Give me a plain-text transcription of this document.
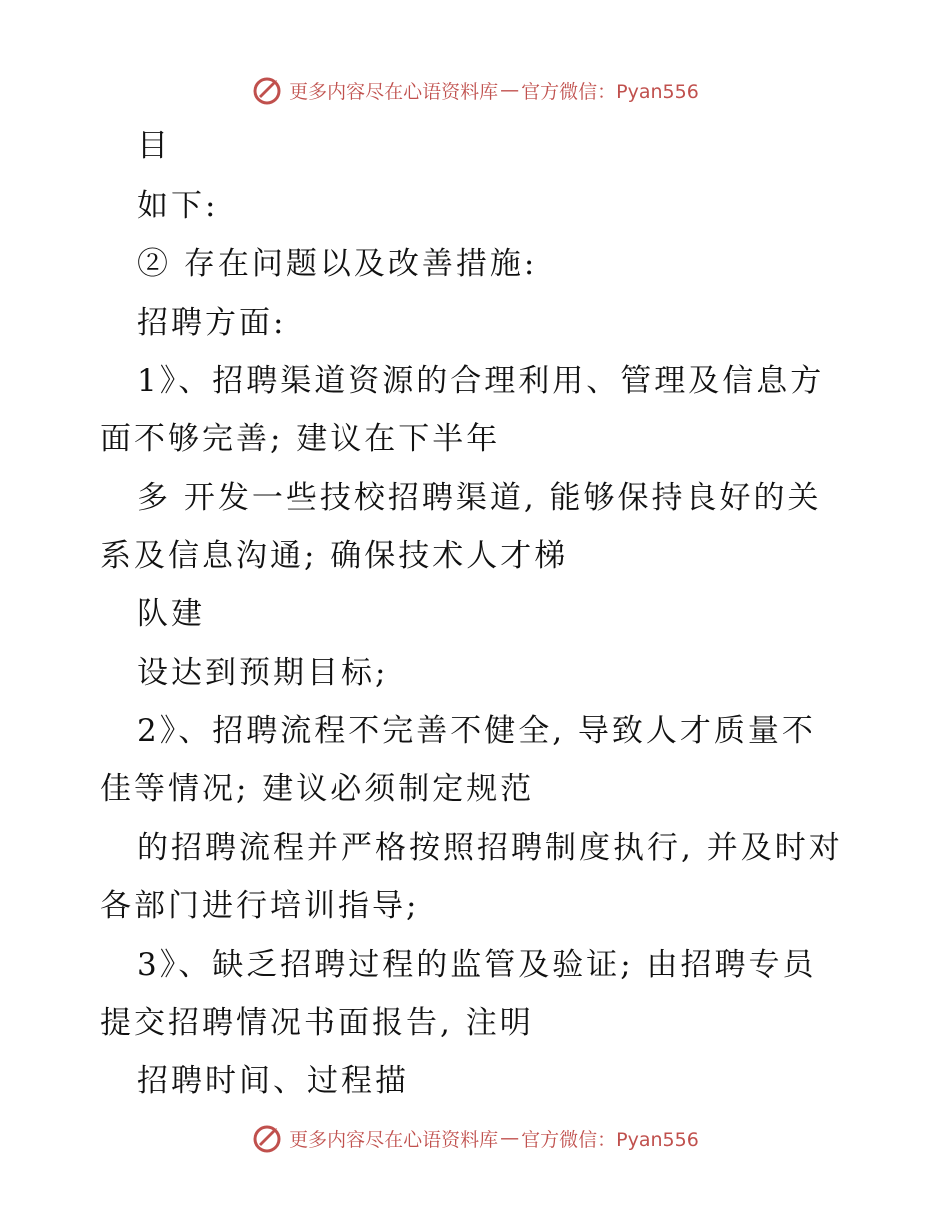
更多内容尽在心语资料库 — 官方微信：Pyan556
目
如下:
② 存在问题以及改善措施:
招聘方面:
1》、招聘渠道资源的合理利用、管理及信息方
面不够完善; 建议在下半年
多 开发一些技校招聘渠道, 能够保持良好的关
系及信息沟通; 确保技术人才梯
队建
设达到预期目标;
2》、招聘流程不完善不健全, 导致人才质量不
佳等情况; 建议必须制定规范
的招聘流程并严格按照招聘制度执行, 并及时对
各部门进行培训指导;
3》、缺乏招聘过程的监管及验证; 由招聘专员
提交招聘情况书面报告, 注明
招聘时间、过程描
更多内容尽在心语资料库 — 官方微信：Pyan556
